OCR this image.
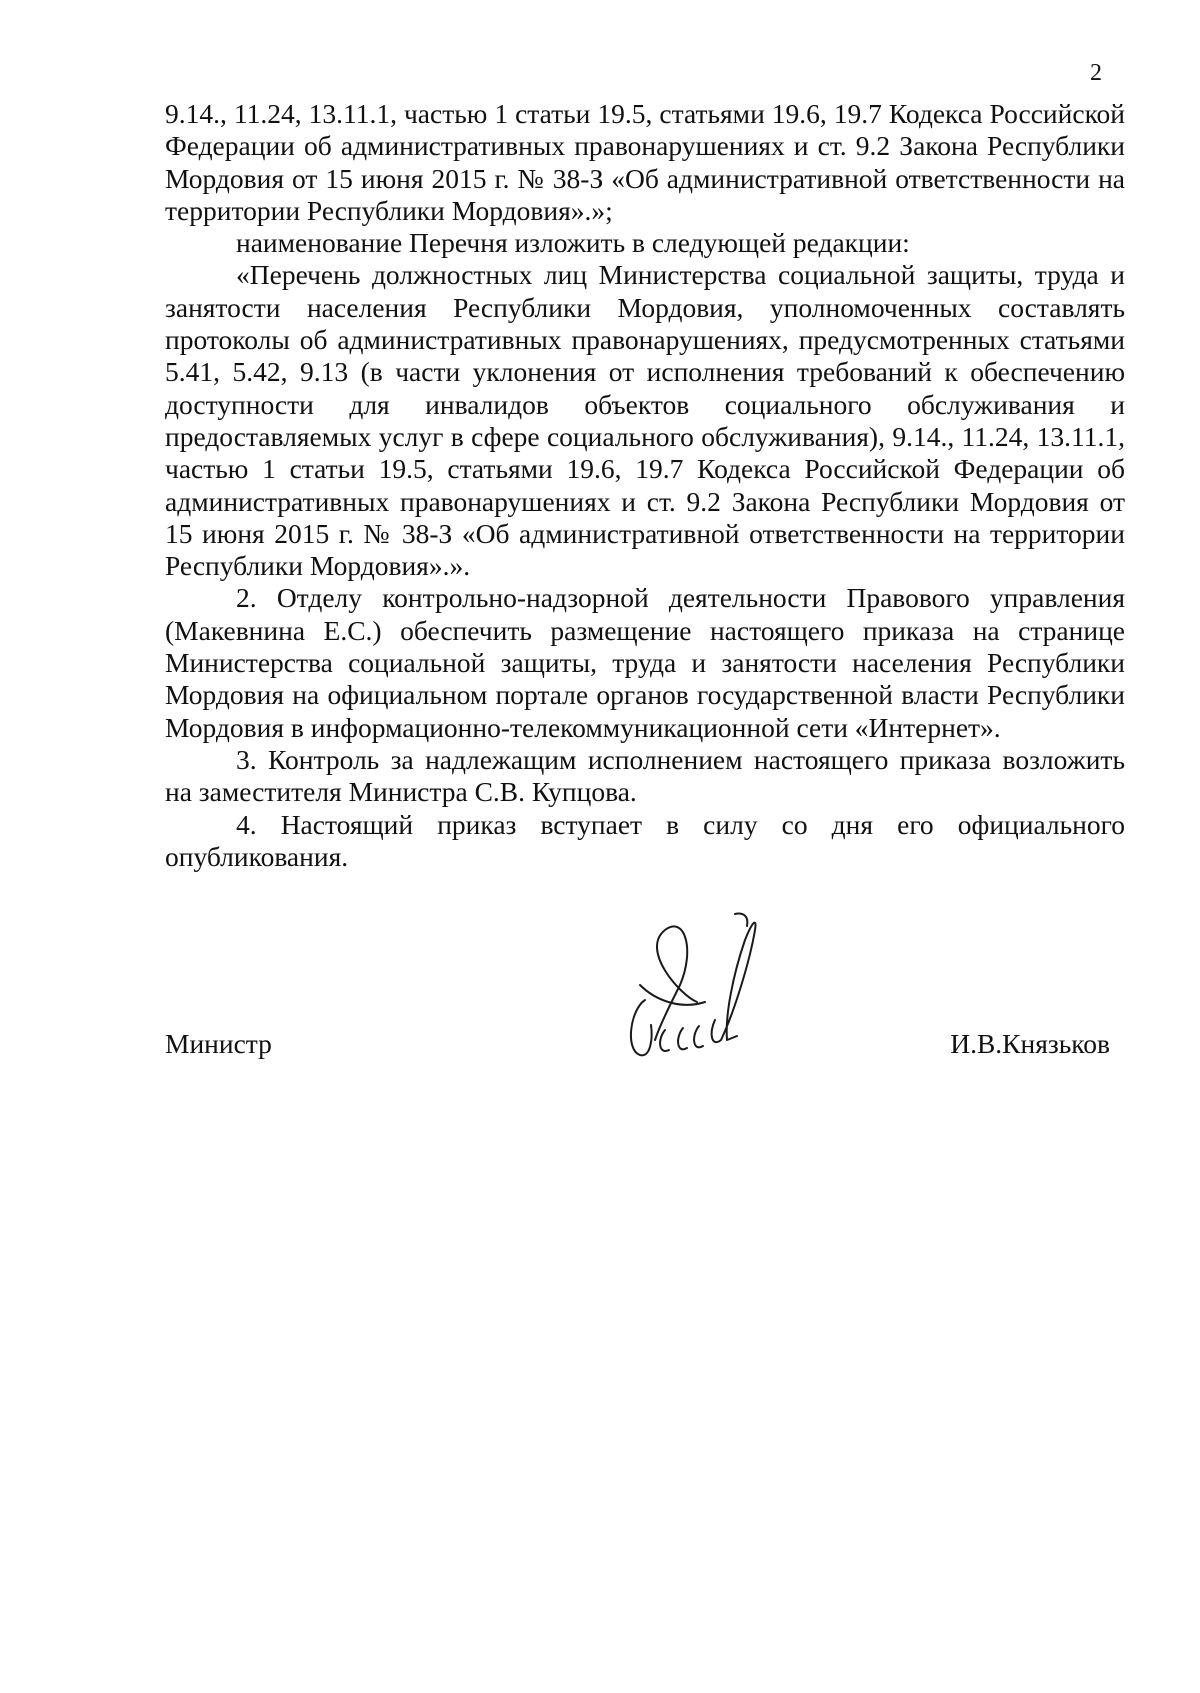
2

9.14., 11.24, 13.11.1, частью 1 статьи 19.5, статьями 19.6, 19.7 Кодекса Российской Федерации об административных правонарушениях и ст. 9.2 Закона Республики Мордовия от 15 июня 2015 г. № 38-З «Об административной ответственности на территории Республики Мордовия».»;

наименование Перечня изложить в следующей редакции:

«Перечень должностных лиц Министерства социальной защиты, труда и занятости населения Республики Мордовия, уполномоченных составлять протоколы об административных правонарушениях, предусмотренных статьями 5.41, 5.42, 9.13 (в части уклонения от исполнения требований к обеспечению доступности для инвалидов объектов социального обслуживания и предоставляемых услуг в сфере социального обслуживания), 9.14., 11.24, 13.11.1, частью 1 статьи 19.5, статьями 19.6, 19.7 Кодекса Российской Федерации об административных правонарушениях и ст. 9.2 Закона Республики Мордовия от 15 июня 2015 г. № 38-З «Об административной ответственности на территории Республики Мордовия».».

2. Отделу контрольно-надзорной деятельности Правового управления (Макевнина Е.С.) обеспечить размещение настоящего приказа на странице Министерства социальной защиты, труда и занятости населения Республики Мордовия на официальном портале органов государственной власти Республики Мордовия в информационно-телекоммуникационной сети «Интернет».

3. Контроль за надлежащим исполнением настоящего приказа возложить на заместителя Министра С.В. Купцова.

4. Настоящий приказ вступает в силу со дня его официального опубликования.

Министр	И.В.Князьков
